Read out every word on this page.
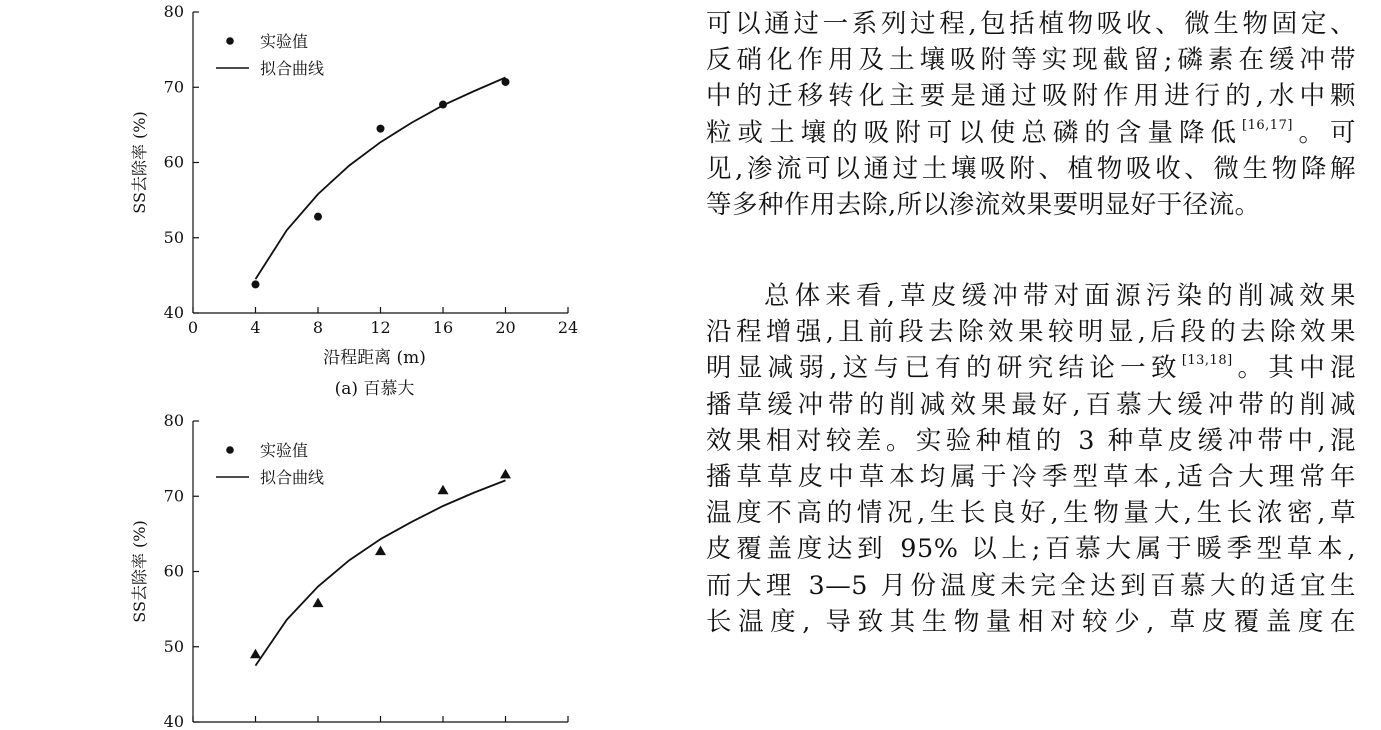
40
50
60
70
80
0	4	8	12	16	20	24
SS去除率 (%)
沿程距离 (m)
(a) 百慕大
实验值
拟合曲线
40
50
60
70
80
SS去除率 (%)
实验值
拟合曲线
可以通过一系列过程,包括植物吸收、微生物固定、
反硝化作用及土壤吸附等实现截留;磷素在缓冲带
中的迁移转化主要是通过吸附作用进行的,水中颗
粒或土壤的吸附可以使总磷的含量降低[16,17]。可
见,渗流可以通过土壤吸附、植物吸收、微生物降解
等多种作用去除,所以渗流效果要明显好于径流。
总体来看,草皮缓冲带对面源污染的削减效果
沿程增强,且前段去除效果较明显,后段的去除效果
明显减弱,这与已有的研究结论一致[13,18]。其中混
播草缓冲带的削减效果最好,百慕大缓冲带的削减
效果相对较差。实验种植的 3 种草皮缓冲带中,混
播草草皮中草本均属于冷季型草本,适合大理常年
温度不高的情况,生长良好,生物量大,生长浓密,草
皮覆盖度达到 95% 以上;百慕大属于暖季型草本,
而大理 3—5 月份温度未完全达到百慕大的适宜生
长温度, 导致其生物量相对较少, 草皮覆盖度在
